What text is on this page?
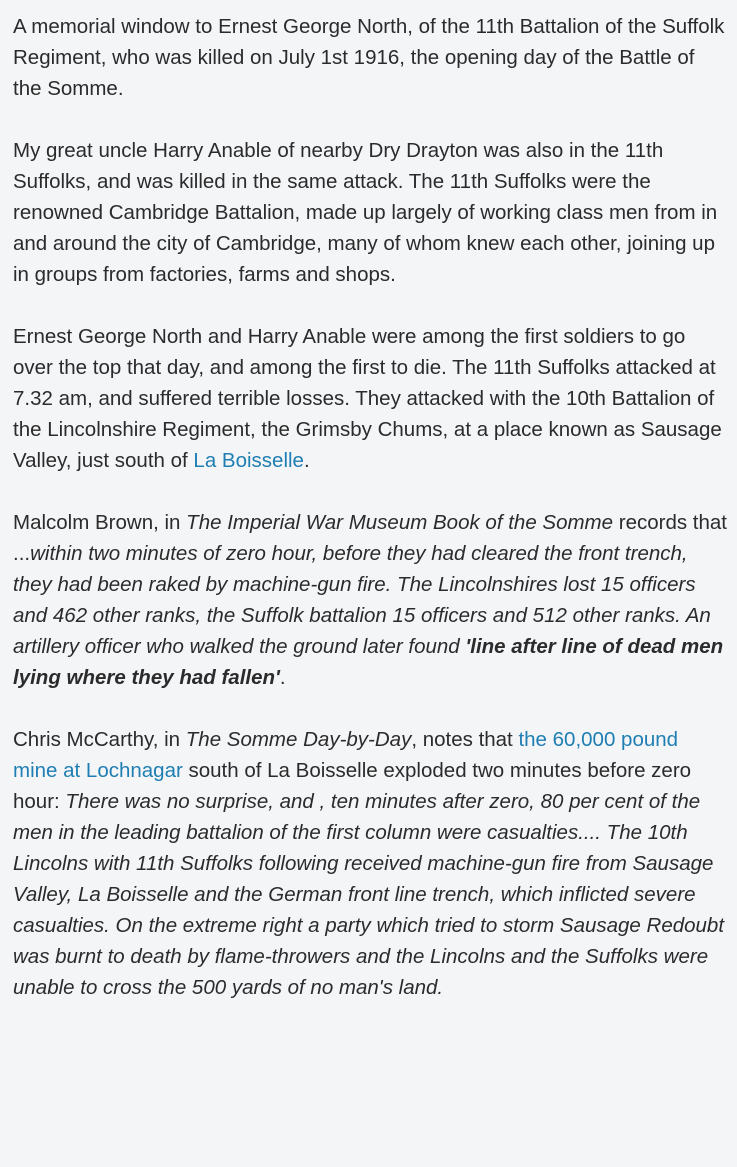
A memorial window to Ernest George North, of the 11th Battalion of the Suffolk Regiment, who was killed on July 1st 1916, the opening day of the Battle of the Somme.

My great uncle Harry Anable of nearby Dry Drayton was also in the 11th Suffolks, and was killed in the same attack. The 11th Suffolks were the renowned Cambridge Battalion, made up largely of working class men from in and around the city of Cambridge, many of whom knew each other, joining up in groups from factories, farms and shops.

Ernest George North and Harry Anable were among the first soldiers to go over the top that day, and among the first to die. The 11th Suffolks attacked at 7.32 am, and suffered terrible losses. They attacked with the 10th Battalion of the Lincolnshire Regiment, the Grimsby Chums, at a place known as Sausage Valley, just south of La Boisselle.

Malcolm Brown, in The Imperial War Museum Book of the Somme records that ...within two minutes of zero hour, before they had cleared the front trench, they had been raked by machine-gun fire. The Lincolnshires lost 15 officers and 462 other ranks, the Suffolk battalion 15 officers and 512 other ranks. An artillery officer who walked the ground later found 'line after line of dead men lying where they had fallen'.

Chris McCarthy, in The Somme Day-by-Day, notes that the 60,000 pound mine at Lochnagar south of La Boisselle exploded two minutes before zero hour: There was no surprise, and , ten minutes after zero, 80 per cent of the men in the leading battalion of the first column were casualties.... The 10th Lincolns with 11th Suffolks following received machine-gun fire from Sausage Valley, La Boisselle and the German front line trench, which inflicted severe casualties. On the extreme right a party which tried to storm Sausage Redoubt was burnt to death by flame-throwers and the Lincolns and the Suffolks were unable to cross the 500 yards of no man's land.
